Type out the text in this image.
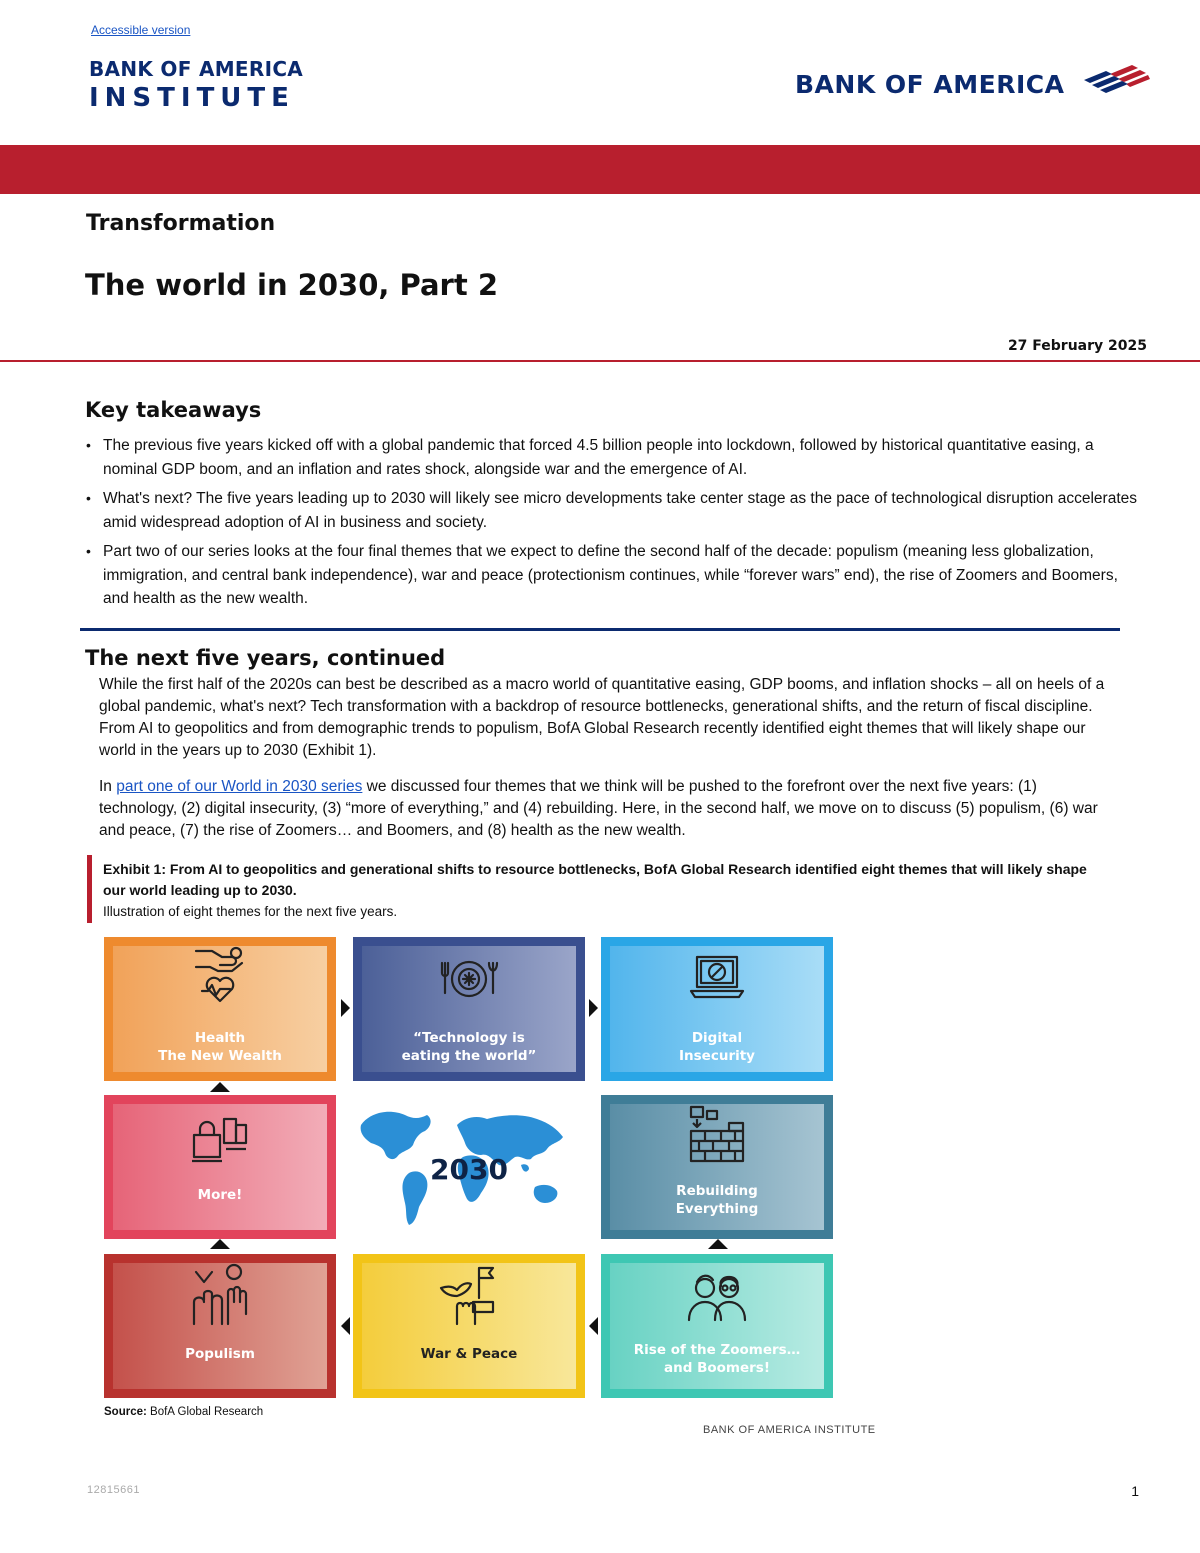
Accessible version
BANK OF AMERICA
INSTITUTE	BANK OF AMERICA
Transformation
The world in 2030, Part 2
27 February 2025
Key takeaways
• The previous five years kicked off with a global pandemic that forced 4.5 billion people into lockdown, followed by historical quantitative easing, a nominal GDP boom, and an inflation and rates shock, alongside war and the emergence of AI.
• What's next? The five years leading up to 2030 will likely see micro developments take center stage as the pace of technological disruption accelerates amid widespread adoption of AI in business and society.
• Part two of our series looks at the four final themes that we expect to define the second half of the decade: populism (meaning less globalization, immigration, and central bank independence), war and peace (protectionism continues, while “forever wars” end), the rise of Zoomers and Boomers, and health as the new wealth.
The next five years, continued

While the first half of the 2020s can best be described as a macro world of quantitative easing, GDP booms, and inflation shocks – all on heels of a global pandemic, what's next? Tech transformation with a backdrop of resource bottlenecks, generational shifts, and the return of fiscal discipline. From AI to geopolitics and from demographic trends to populism, BofA Global Research recently identified eight themes that will likely shape our world in the years up to 2030 (Exhibit 1).

In part one of our World in 2030 series we discussed four themes that we think will be pushed to the forefront over the next five years: (1) technology, (2) digital insecurity, (3) “more of everything,” and (4) rebuilding. Here, in the second half, we move on to discuss (5) populism, (6) war and peace, (7) the rise of Zoomers… and Boomers, and (8) health as the new wealth.

Exhibit 1: From AI to geopolitics and generational shifts to resource bottlenecks, BofA Global Research identified eight themes that will likely shape our world leading up to 2030.
Illustration of eight themes for the next five years.
Health
The New Wealth
“Technology is
eating the world”
Digital
Insecurity
More!
2030
Rebuilding
Everything
Populism	War & Peace	Rise of the Zoomers…
and Boomers!
Source: BofA Global Research
BANK OF AMERICA INSTITUTE
12815661	1
